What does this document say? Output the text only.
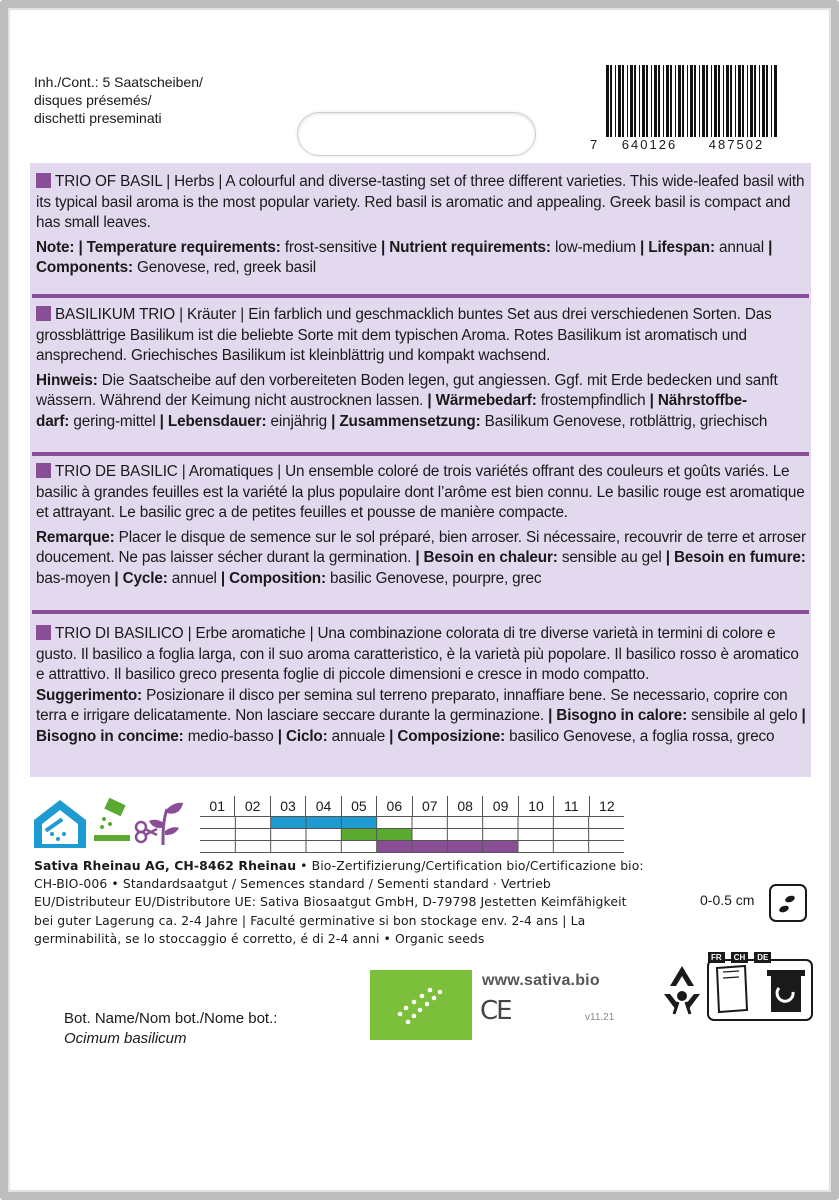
Inh./Cont.: 5 Saatscheiben/
disques présemés/
dischetti preseminati
7	640126	487502

TRIO OF BASIL | Herbs | A colourful and diverse-tasting set of three different varieties. This wide-leafed basil with its typical basil aroma is the most popular variety. Red basil is aromatic and appealing. Greek basil is compact and has small leaves.

Note: | Temperature requirements: frost-sensitive | Nutrient requirements: low-medium | Lifespan: annual | Components: Genovese, red, greek basil

BASILIKUM TRIO | Kräuter | Ein farblich und geschmacklich buntes Set aus drei verschiedenen Sorten. Das grossblättrige Basilikum ist die beliebte Sorte mit dem typischen Aroma. Rotes Basilikum ist aromatisch und ansprechend. Griechisches Basilikum ist kleinblättrig und kompakt wachsend.

Hinweis: Die Saatscheibe auf den vorbereiteten Boden legen, gut angiessen. Ggf. mit Erde bedecken und sanft wässern. Während der Keimung nicht austrocknen lassen. | Wärmebedarf: frostempfindlich | Nährstoffbe-
darf: gering-mittel | Lebensdauer: einjährig | Zusammensetzung: Basilikum Genovese, rotblättrig, griechisch

TRIO DE BASILIC | Aromatiques | Un ensemble coloré de trois variétés offrant des couleurs et goûts variés. Le basilic à grandes feuilles est la variété la plus populaire dont l’arôme est bien connu. Le basilic rouge est aromatique et attrayant. Le basilic grec a de petites feuilles et pousse de manière compacte.

Remarque: Placer le disque de semence sur le sol préparé, bien arroser. Si nécessaire, recouvrir de terre et arroser doucement. Ne pas laisser sécher durant la germination. | Besoin en chaleur: sensible au gel | Besoin en fumure: bas-moyen | Cycle: annuel | Composition: basilic Genovese, pourpre, grec

TRIO DI BASILICO | Erbe aromatiche | Una combinazione colorata di tre diverse varietà in termini di colore e gusto. Il basilico a foglia larga, con il suo aroma caratteristico, è la varietà più popolare. Il basilico rosso è aromatico e attrattivo. Il basilico greco presenta foglie di piccole dimensioni e cresce in modo compatto.

Suggerimento: Posizionare il disco per semina sul terreno preparato, innaffiare bene. Se necessario, coprire con terra e irrigare delicatamente. Non lasciare seccare durante la germinazione. | Bisogno in calore: sensibile al gelo | Bisogno in concime: medio-basso | Ciclo: annuale | Composizione: basilico Genovese, a foglia rossa, greco

01	02	03	04	05	06	07	08	09	10	11	12
Sativa Rheinau AG, CH-8462 Rheinau • Bio-Zertifizierung/Certification bio/Certificazione bio: CH-BIO-006 • Standardsaatgut / Semences standard / Sementi standard · Vertrieb EU/Distributeur EU/Distributore UE: Sativa Biosaatgut GmbH, D-79798 Jestetten Keimfähigkeit bei guter Lagerung ca. 2-4 Jahre | Faculté germinative si bon stockage env. 2-4 ans | La germinabilità, se lo stoccaggio é corretto, é di 2-4 anni • Organic seeds
0-0.5 cm
www.sativa.bio
CE	v11.21
Bot. Name/Nom bot./Nome bot.:
Ocimum basilicum
FR	CH	DE
